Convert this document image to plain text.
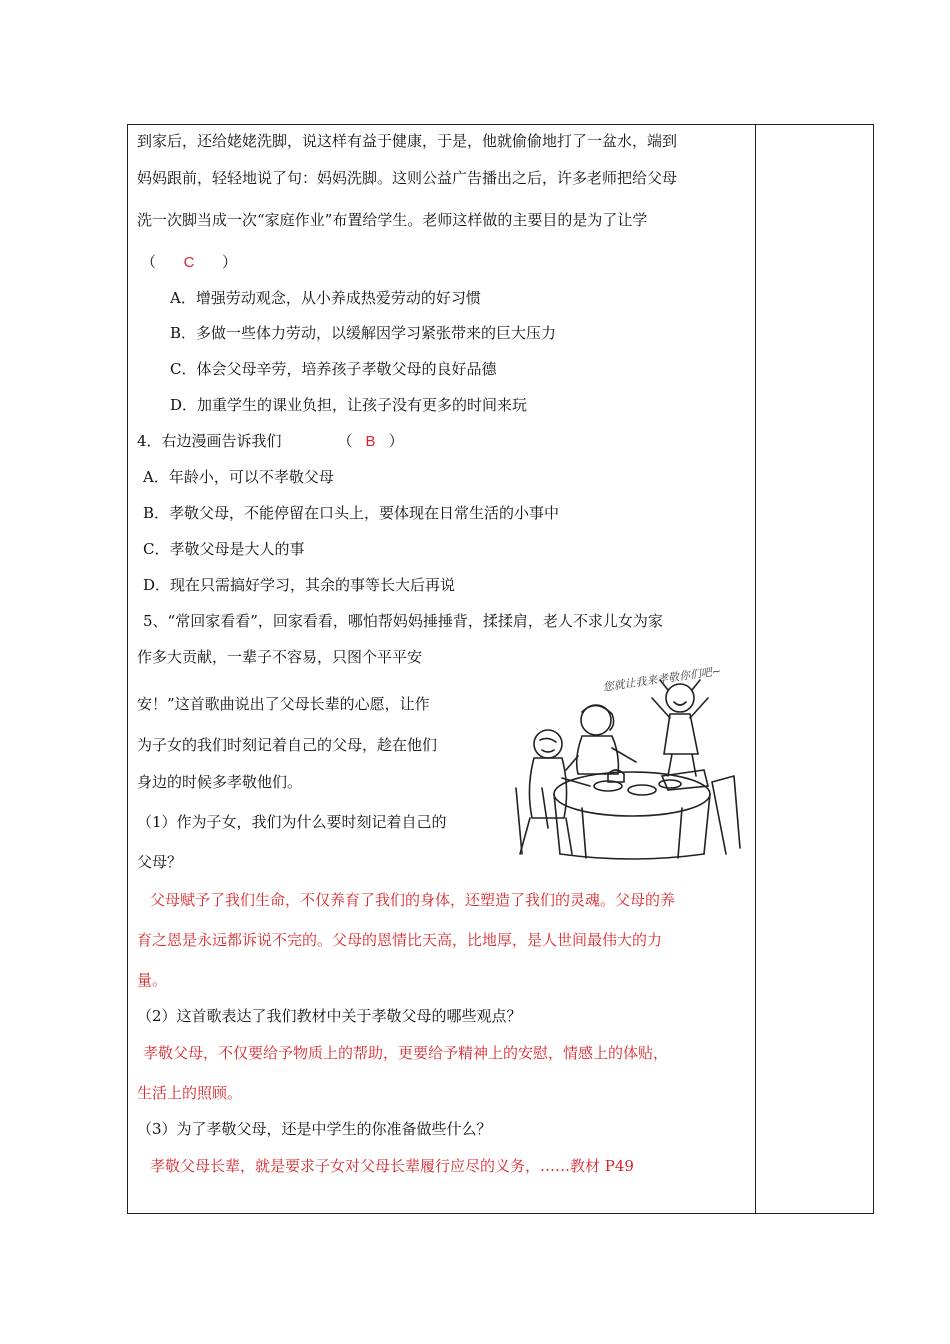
到家后，还给姥姥洗脚，说这样有益于健康，于是，他就偷偷地打了一盆水，端到
妈妈跟前，轻轻地说了句：妈妈洗脚。这则公益广告播出之后，许多老师把给父母
洗一次脚当成一次“家庭作业”布置给学生。老师这样做的主要目的是为了让学
（ C ）
A．增强劳动观念，从小养成热爱劳动的好习惯
B．多做一些体力劳动，以缓解因学习紧张带来的巨大压力
C．体会父母辛劳，培养孩子孝敬父母的良好品德
D．加重学生的课业负担，让孩子没有更多的时间来玩
4．右边漫画告诉我们	（ B ）
A．年龄小，可以不孝敬父母
B．孝敬父母，不能停留在口头上，要体现在日常生活的小事中
C．孝敬父母是大人的事
D．现在只需搞好学习，其余的事等长大后再说
5、“常回家看看”，回家看看，哪怕帮妈妈捶捶背，揉揉肩，老人不求儿女为家
作多大贡献，一辈子不容易，只图个平平安
安！”这首歌曲说出了父母长辈的心愿，让作
为子女的我们时刻记着自己的父母，趁在他们
身边的时候多孝敬他们。
（1）作为子女，我们为什么要时刻记着自己的
父母？
父母赋予了我们生命，不仅养育了我们的身体，还塑造了我们的灵魂。父母的养
育之恩是永远都诉说不完的。父母的恩情比天高，比地厚，是人世间最伟大的力
量。
（2）这首歌表达了我们教材中关于孝敬父母的哪些观点？
孝敬父母，不仅要给予物质上的帮助，更要给予精神上的安慰，情感上的体贴，
生活上的照顾。
（3）为了孝敬父母，还是中学生的你准备做些什么？
孝敬父母长辈，就是要求子女对父母长辈履行应尽的义务，……教材 P49
您就让我来孝敬你们吧~
